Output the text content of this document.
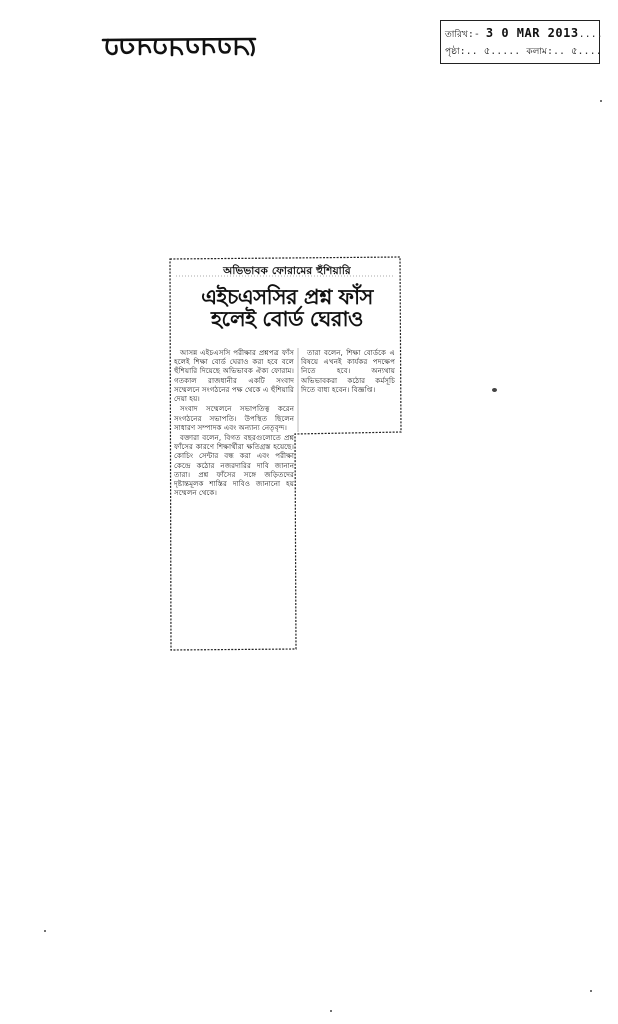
তারিখ:- 3 0 MAR 2013....
পৃষ্ঠা:.. ৫..... কলাম:.. ৫....
অভিভাবক ফোরামের হুঁশিয়ারি
এইচএসসির প্রশ্ন ফাঁস
হলেই বোর্ড ঘেরাও

আসন্ন এইচএসসি পরীক্ষার প্রশ্নপত্র ফাঁস হলেই শিক্ষা বোর্ড ঘেরাও করা হবে বলে হুঁশিয়ারি দিয়েছে অভিভাবক ঐক্য ফোরাম। গতকাল রাজধানীর একটি সংবাদ সম্মেলনে সংগঠনের পক্ষ থেকে এ হুঁশিয়ারি দেয়া হয়।

সংবাদ সম্মেলনে সভাপতিত্ব করেন সংগঠনের সভাপতি। উপস্থিত ছিলেন সাধারণ সম্পাদক এবং অন্যান্য নেতৃবৃন্দ।

বক্তারা বলেন, বিগত বছরগুলোতে প্রশ্ন ফাঁসের কারণে শিক্ষার্থীরা ক্ষতিগ্রস্ত হয়েছে। কোচিং সেন্টার বন্ধ করা এবং পরীক্ষা কেন্দ্রে কঠোর নজরদারির দাবি জানান তারা। প্রশ্ন ফাঁসের সঙ্গে জড়িতদের দৃষ্টান্তমূলক শাস্তির দাবিও জানানো হয় সম্মেলন থেকে।

তারা বলেন, শিক্ষা বোর্ডকে এ বিষয়ে এখনই কার্যকর পদক্ষেপ নিতে হবে। অন্যথায় অভিভাবকরা কঠোর কর্মসূচি দিতে বাধ্য হবেন। বিজ্ঞপ্তি।
